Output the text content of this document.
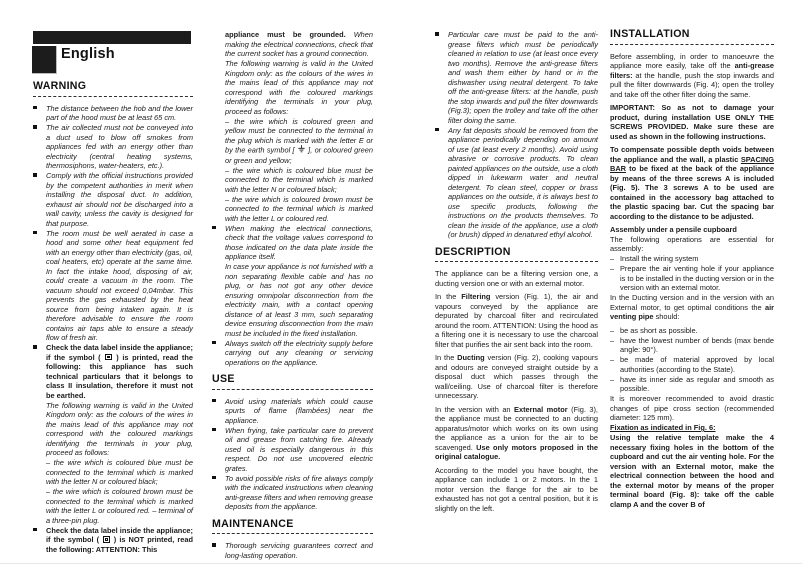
English
WARNING
The distance between the hob and the lower part of the hood must be at least 65 cm.
The air collected must not be conveyed into a duct used to blow off smokes from appliances fed with an energy other than electricity (central heating systems, thermosiphons, water-heaters, etc.).
Comply with the official instructions provided by the competent authorities in merit when installing the disposal duct. In addition, exhaust air should not be discharged into a wall cavity, unless the cavity is designed for that purpose.
The room must be well aerated in case a hood and some other heat equipment fed with an energy other than electricity (gas, oil, coal heaters, etc) operate at the same time. In fact the intake hood, disposing of air, could create a vacuum in the room. The vacuum should not exceed 0,04mbar. This prevents the gas exhausted by the heat source from being intaken again. It is therefore advisable to ensure the room contains air taps able to ensure a steady flow of fresh air.
Check the data label inside the appliance; if the symbol (
) is printed, read the following: this appliance has such technical particulars that it belongs to class II insulation, therefore it must not be earthed.
The following warning is valid in the United Kingdom only: as the colours of the wires in the mains lead of this appliance may not correspond with the coloured markings identifying the terminals in your plug, proceed as follows:
– the wire which is coloured blue must be connected to the terminal which is marked with the letter N or coloured black;
– the wire which is coloured brown must be connected to the terminal which is marked with the letter L or coloured red. – terminal of a three-pin plug.
Check the data label inside the appliance; if the symbol (
) is NOT printed, read the following: ATTENTION: This
appliance must be grounded. When making the electrical connections, check that the current socket has a ground connection.
The following warning is valid in the United Kingdom only: as the colours of the wires in the mains lead of this appliance may not correspond with the coloured markings identifying the terminals in your plug, proceed as follows:
– the wire which is coloured green and yellow must be connected to the terminal in the plug which is marked with the letter E or by the earth symbol [  ], or coloured green or green and yellow;
– the wire which is coloured blue must be connected to the terminal which is marked with the letter N or coloured black;
– the wire which is coloured brown must be connected to the terminal which is marked with the letter L or coloured red.
When making the electrical connections, check that the voltage values correspond to those indicated on the data plate inside the appliance itself.
In case your appliance is not furnished with a non separating flexible cable and has no plug, or has not got any other device ensuring omnipolar disconnection from the electricity main, with a contact opening distance of at least 3 mm, such separating device ensuring disconnection from the main must be included in the fixed installation.
Always switch off the electricity supply before carrying out any cleaning or servicing operations on the appliance.
USE
Avoid using materials which could cause spurts of flame (flambées) near the appliance.
When frying, take particular care to prevent oil and grease from catching fire. Already used oil is especially dangerous in this respect. Do not use uncovered electric grates.
To avoid possible risks of fire always comply with the indicated instructions when cleaning anti-grease filters and when removing grease deposits from the appliance.
MAINTENANCE
Thorough servicing guarantees correct and long-lasting operation.
Particular care must be paid to the anti-grease filters which must be periodically cleaned in relation to use (at least once every two months). Remove the anti-grease filters and wash them either by hand or in the dishwasher using neutral detergent. To take off the anti-grease filters: at the handle, push the stop inwards and pull the filter downwards (Fig.3); open the trolley and take off the other filter doing the same.
Any fat deposits should be removed from the appliance periodically depending on amount of use (at least every 2 months). Avoid using abrasive or corrosive products. To clean painted appliances on the outside, use a cloth dipped in lukewarm water and neutral detergent. To clean steel, copper or brass appliances on the outside, it is always best to use specific products, following the instructions on the products themselves. To clean the inside of the appliance, use a cloth (or brush) dipped in denatured ethyl alcohol.
DESCRIPTION
The appliance can be a filtering version one, a ducting version one or with an external motor.
In the Filtering version (Fig. 1), the air and vapours conveyed by the appliance are depurated by charcoal filter and recirculated around the room. ATTENTION: Using the hood as a filtering one it is necessary to use the charcoal filter that purifies the air sent back into the room.
In the Ducting version (Fig. 2), cooking vapours and odours are conveyed straight outside by a disposal duct which passes through the wall/ceiling. Use of charcoal filter is therefore unnecessary.
In the version with an External motor (Fig. 3), the appliance must be connected to an ducting apparatus/motor which works on its own using the appliance as a union for the air to be scavenged. Use only motors proposed in the original catalogue.
According to the model you have bought, the appliance can include 1 or 2 motors. In the 1 motor version the flange for the air to be exhausted has not got a central position, but it is slightly on the left.
INSTALLATION
Before assembling, in order to manoeuvre the appliance more easily, take off the anti-grease filters: at the handle, push the stop inwards and pull the filter downwards (Fig. 4); open the trolley and take off the other filter doing the same.
IMPORTANT: So as not to damage your product, during installation USE ONLY THE SCREWS PROVIDED. Make sure these are used as shown in the following instructions.
To compensate possible depth voids between the appliance and the wall, a plastic SPACING BAR to be fixed at the back of the appliance by means of the three screws A is included (Fig. 5). The 3 screws A to be used are contained in the accessory bag attached to the plastic spacing bar. Cut the spacing bar according to the distance to be adjusted.
Assembly under a pensile cupboard
The following operations are essential for assembly:
– Install the wiring system
– Prepare the air venting hole if your appliance is to be installed in the ducting version or in the version with an external motor.
In the Ducting version and in the version with an External motor, to get optimal conditions the air venting pipe should:
– be as short as possible.
– have the lowest number of bends (max bende angle: 90°).
– be made of material approved by local authorities (according to the State).
– have its inner side as regular and smooth as possible.
It is moreover recommended to avoid drastic changes of pipe cross section (recommended diameter: 125 mm).
Fixation as indicated in Fig. 6:
Using the relative template make the 4 necessary fixing holes in the bottom of the cupboard and cut the air venting hole. For the version with an External motor, make the electrical connection between the hood and the external motor by means of the proper terminal board (Fig. 8): take off the cable clamp A and the cover B of
